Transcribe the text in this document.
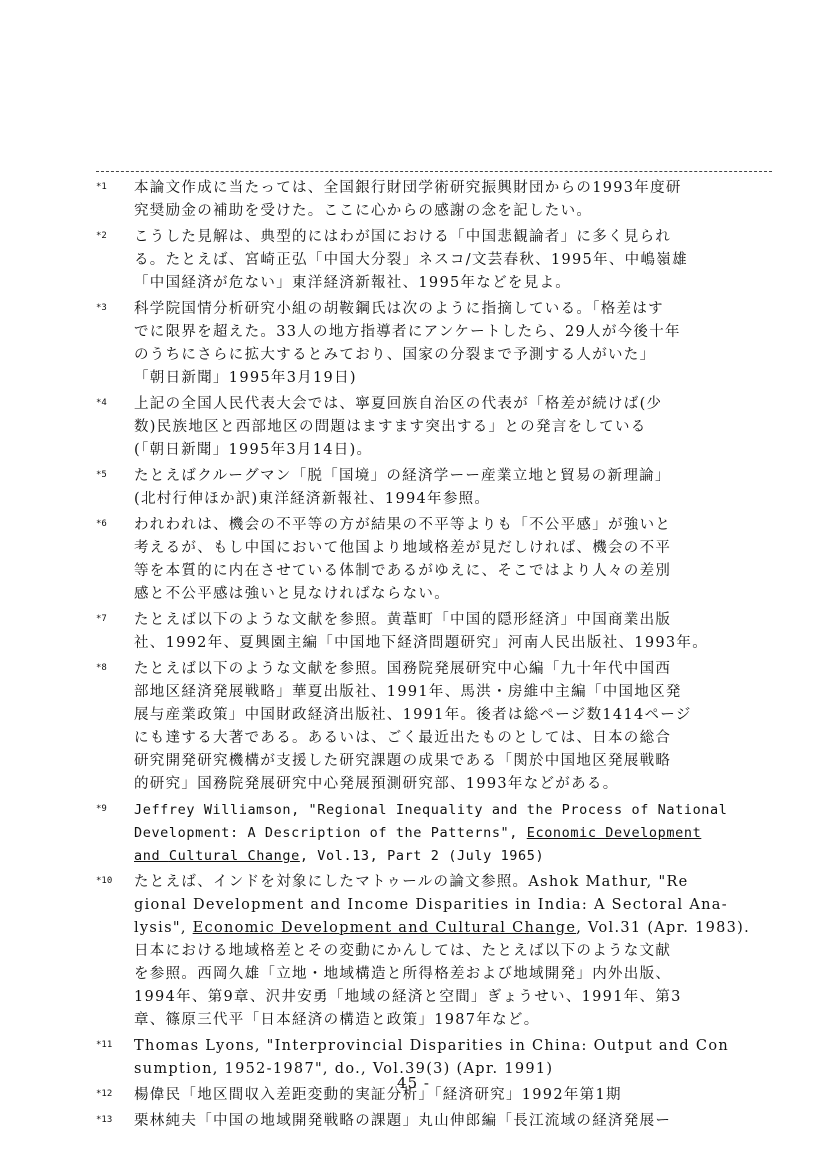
*1 本論文作成に当たっては、全国銀行財団学術研究振興財団からの1993年度研
究奨励金の補助を受けた。ここに心からの感謝の念を記したい。
*2 こうした見解は、典型的にはわが国における「中国悲観論者」に多く見られ
る。たとえば、宮崎正弘「中国大分裂」ネスコ/文芸春秋、1995年、中嶋嶺雄
「中国経済が危ない」東洋経済新報社、1995年などを見よ。
*3 科学院国情分析研究小組の胡鞍鋼氏は次のように指摘している。「格差はす
でに限界を超えた。33人の地方指導者にアンケートしたら、29人が今後十年
のうちにさらに拡大するとみており、国家の分裂まで予測する人がいた」
「朝日新聞」1995年3月19日)
*4 上記の全国人民代表大会では、寧夏回族自治区の代表が「格差が続けば(少
数)民族地区と西部地区の問題はますます突出する」との発言をしている
(「朝日新聞」1995年3月14日)。
*5 たとえばクルーグマン「脱「国境」の経済学ーー産業立地と貿易の新理論」
(北村行伸ほか訳)東洋経済新報社、1994年参照。
*6 われわれは、機会の不平等の方が結果の不平等よりも「不公平感」が強いと
考えるが、もし中国において他国より地域格差が見だしければ、機会の不平
等を本質的に内在させている体制であるがゆえに、そこではより人々の差別
感と不公平感は強いと見なければならない。
*7 たとえば以下のような文献を参照。黄葦町「中国的隠形経済」中国商業出版
社、1992年、夏興園主編「中国地下経済問題研究」河南人民出版社、1993年。
*8 たとえば以下のような文献を参照。国務院発展研究中心編「九十年代中国西
部地区経済発展戦略」華夏出版社、1991年、馬洪・房維中主編「中国地区発
展与産業政策」中国財政経済出版社、1991年。後者は総ページ数1414ページ
にも達する大著である。あるいは、ごく最近出たものとしては、日本の総合
研究開発研究機構が支援した研究課題の成果である「関於中国地区発展戦略
的研究」国務院発展研究中心発展預測研究部、1993年などがある。
*9 Jeffrey Williamson, "Regional Inequality and the Process of National
Development: A Description of the Patterns", Economic Development
and Cultural Change, Vol.13, Part 2 (July 1965)
*10 たとえば、インドを対象にしたマトゥールの論文参照。Ashok Mathur, "Re
gional Development and Income Disparities in India: A Sectoral Ana-
lysis", Economic Development and Cultural Change, Vol.31 (Apr. 1983).
日本における地域格差とその変動にかんしては、たとえば以下のような文献
を参照。西岡久雄「立地・地域構造と所得格差および地域開発」内外出版、
1994年、第9章、沢井安勇「地域の経済と空間」ぎょうせい、1991年、第3
章、篠原三代平「日本経済の構造と政策」1987年など。
*11 Thomas Lyons, "Interprovincial Disparities in China: Output and Con
sumption, 1952-1987", do., Vol.39(3) (Apr. 1991)
*12 楊偉民「地区間収入差距変動的実証分析」「経済研究」1992年第1期
*13 栗林純夫「中国の地域開発戦略の課題」丸山伸郎編「長江流域の経済発展ー
45 -
